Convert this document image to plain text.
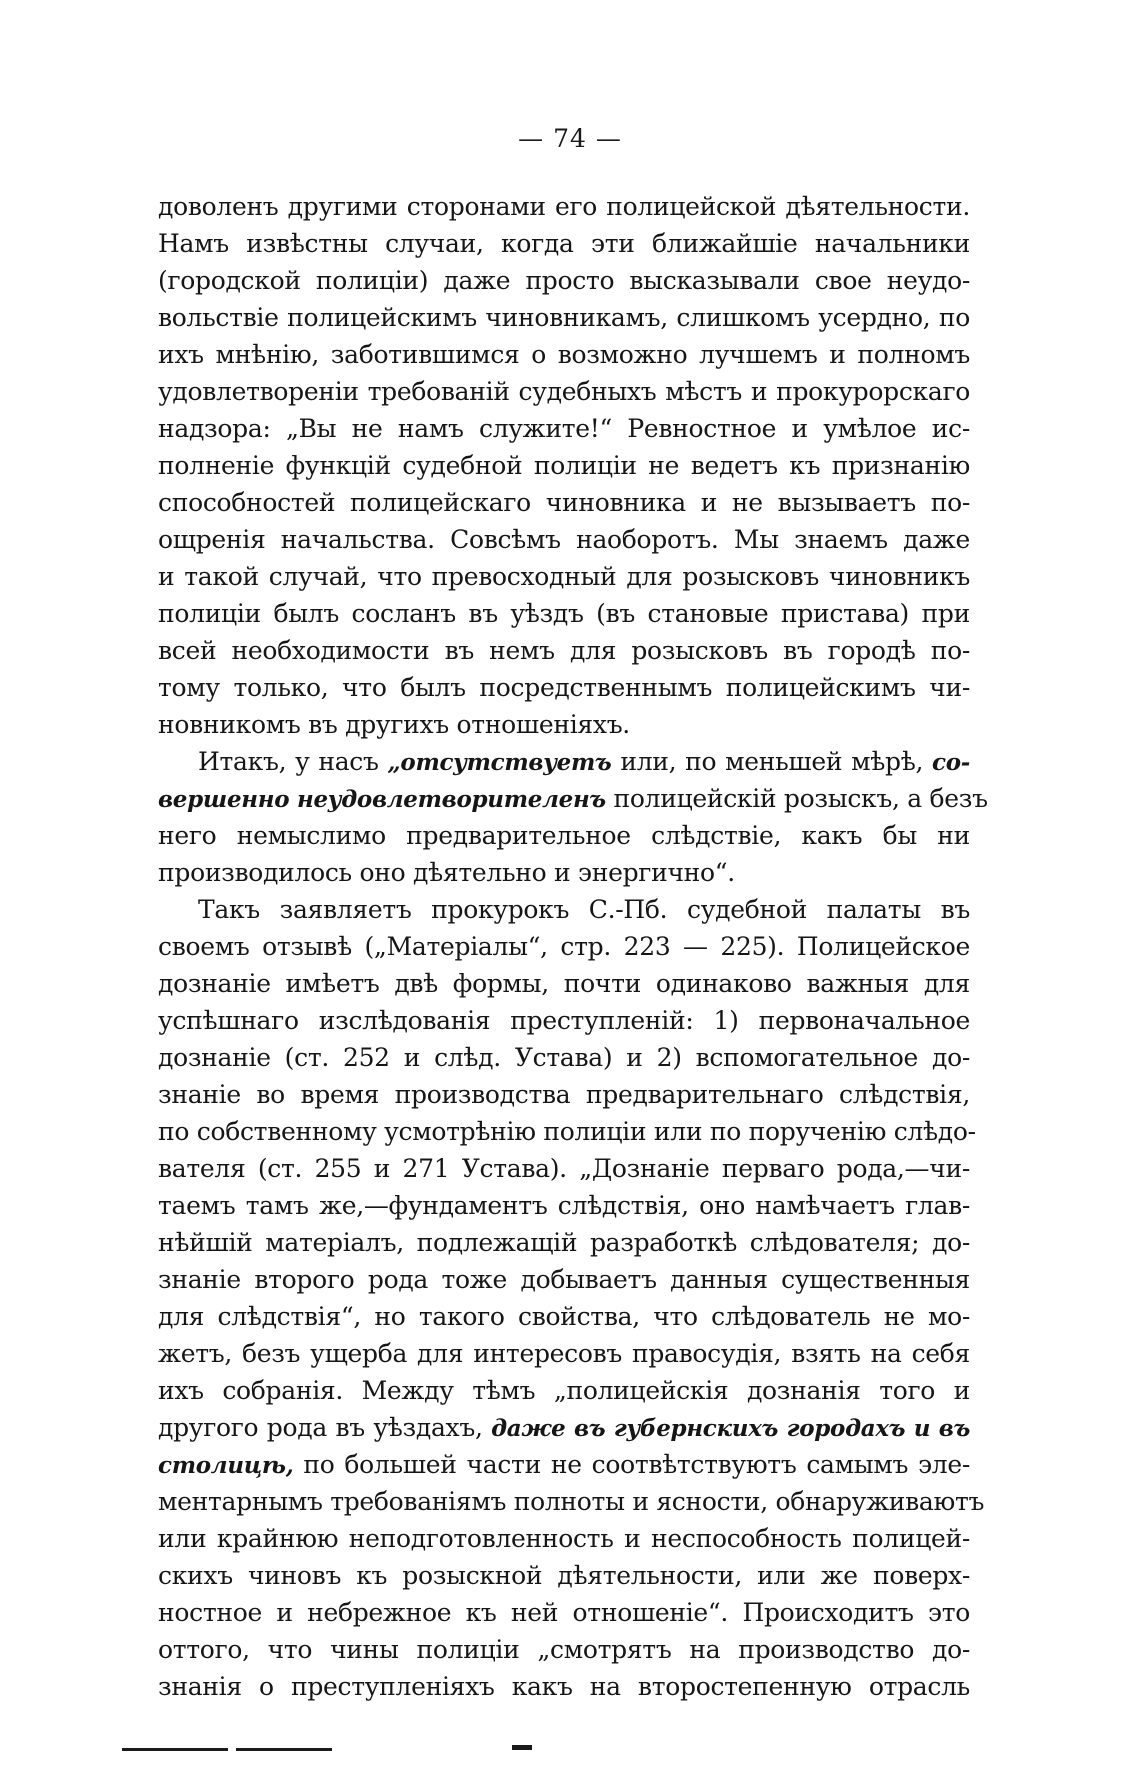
— 74 —
доволенъ другими сторонами его полицейской дѣятельности.
Намъ извѣстны случаи, когда эти ближайшіе начальники
(городской полиціи) даже просто высказывали свое неудо-
вольствіе полицейскимъ чиновникамъ, слишкомъ усердно, по
ихъ мнѣнію, заботившимся о возможно лучшемъ и полномъ
удовлетвореніи требованій судебныхъ мѣстъ и прокурорскаго
надзора: „Вы не намъ служите!“ Ревностное и умѣлое ис-
полненіе функцій судебной полиціи не ведетъ къ признанію
способностей полицейскаго чиновника и не вызываетъ по-
ощренія начальства. Совсѣмъ наоборотъ. Мы знаемъ даже
и такой случай, что превосходный для розысковъ чиновникъ
полиціи былъ сосланъ въ уѣздъ (въ становые пристава) при
всей необходимости въ немъ для розысковъ въ городѣ по-
тому только, что былъ посредственнымъ полицейскимъ чи-
новникомъ въ другихъ отношеніяхъ.
Итакъ, у насъ „отсутствуетъ или, по меньшей мѣрѣ, со-
вершенно неудовлетворителенъ полицейскій розыскъ, а безъ
него немыслимо предварительное слѣдствіе, какъ бы ни
производилось оно дѣятельно и энергично“.
Такъ заявляетъ прокурокъ С.-Пб. судебной палаты въ
своемъ отзывѣ („Матеріалы“, стр. 223 — 225). Полицейское
дознаніе имѣетъ двѣ формы, почти одинаково важныя для
успѣшнаго изслѣдованія преступленій: 1) первоначальное
дознаніе (ст. 252 и слѣд. Устава) и 2) вспомогательное до-
знаніе во время производства предварительнаго слѣдствія,
по собственному усмотрѣнію полиціи или по порученію слѣдо-
вателя (ст. 255 и 271 Устава). „Дознаніе перваго рода,—чи-
таемъ тамъ же,—фундаментъ слѣдствія, оно намѣчаетъ глав-
нѣйшій матеріалъ, подлежащій разработкѣ слѣдователя; до-
знаніе второго рода тоже добываетъ данныя существенныя
для слѣдствія“, но такого свойства, что слѣдователь не мо-
жетъ, безъ ущерба для интересовъ правосудія, взять на себя
ихъ собранія. Между тѣмъ „полицейскія дознанія того и
другого рода въ уѣздахъ, даже въ губернскихъ городахъ и въ
столицѣ, по большей части не соотвѣтствуютъ самымъ эле-
ментарнымъ требованіямъ полноты и ясности, обнаруживаютъ
или крайнюю неподготовленность и неспособность полицей-
скихъ чиновъ къ розыскной дѣятельности, или же поверх-
ностное и небрежное къ ней отношеніе“. Происходитъ это
оттого, что чины полиціи „смотрятъ на производство до-
знанія о преступленіяхъ какъ на второстепенную отрасль
